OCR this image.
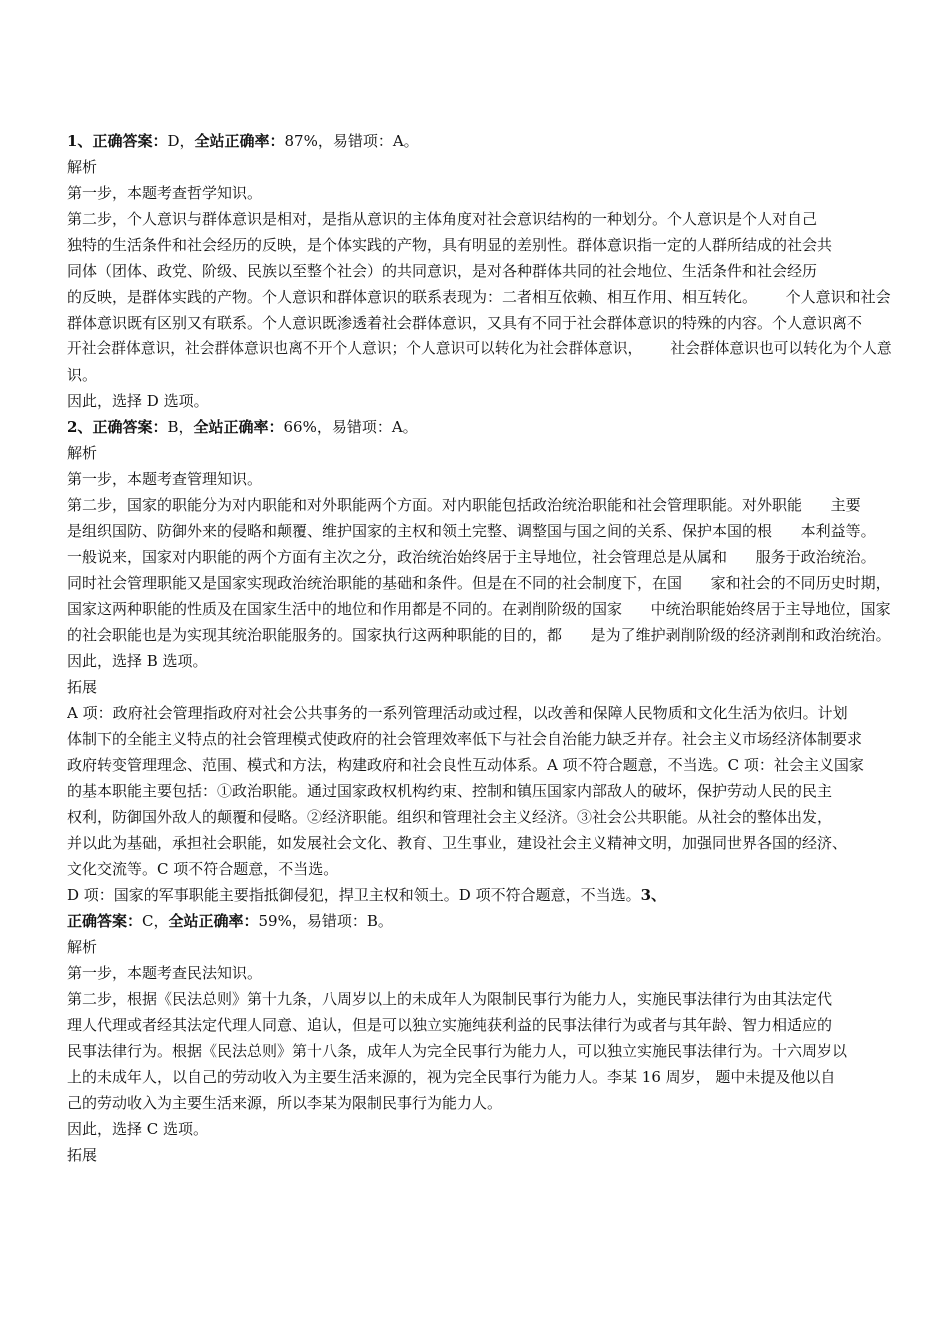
1、正确答案：D，全站正确率：87%，易错项：A。
解析
第一步，本题考查哲学知识。
第二步，个人意识与群体意识是相对，是指从意识的主体角度对社会意识结构的一种划分。个人意识是个人对自己
独特的生活条件和社会经历的反映，是个体实践的产物，具有明显的差别性。群体意识指一定的人群所结成的社会共
同体（团体、政党、阶级、民族以至整个社会）的共同意识，是对各种群体共同的社会地位、生活条件和社会经历
的反映，是群体实践的产物。个人意识和群体意识的联系表现为：二者相互依赖、相互作用、相互转化。      个人意识和社会
群体意识既有区别又有联系。个人意识既渗透着社会群体意识，又具有不同于社会群体意识的特殊的内容。个人意识离不
开社会群体意识，社会群体意识也离不开个人意识；个人意识可以转化为社会群体意识，      社会群体意识也可以转化为个人意
识。
因此，选择 D 选项。
2、正确答案：B，全站正确率：66%，易错项：A。
解析
第一步，本题考查管理知识。
第二步，国家的职能分为对内职能和对外职能两个方面。对内职能包括政治统治职能和社会管理职能。对外职能      主要
是组织国防、防御外来的侵略和颠覆、维护国家的主权和领土完整、调整国与国之间的关系、保护本国的根      本利益等。
一般说来，国家对内职能的两个方面有主次之分，政治统治始终居于主导地位，社会管理总是从属和      服务于政治统治。
同时社会管理职能又是国家实现政治统治职能的基础和条件。但是在不同的社会制度下，在国      家和社会的不同历史时期，
国家这两种职能的性质及在国家生活中的地位和作用都是不同的。在剥削阶级的国家      中统治职能始终居于主导地位，国家
的社会职能也是为实现其统治职能服务的。国家执行这两种职能的目的，都      是为了维护剥削阶级的经济剥削和政治统治。
因此，选择 B 选项。
拓展
A 项：政府社会管理指政府对社会公共事务的一系列管理活动或过程，以改善和保障人民物质和文化生活为依归。计划
体制下的全能主义特点的社会管理模式使政府的社会管理效率低下与社会自治能力缺乏并存。社会主义市场经济体制要求
政府转变管理理念、范围、模式和方法，构建政府和社会良性互动体系。A 项不符合题意，不当选。C 项：社会主义国家
的基本职能主要包括：①政治职能。通过国家政权机构约束、控制和镇压国家内部敌人的破坏，保护劳动人民的民主
权利，防御国外敌人的颠覆和侵略。②经济职能。组织和管理社会主义经济。③社会公共职能。从社会的整体出发，
并以此为基础，承担社会职能，如发展社会文化、教育、卫生事业，建设社会主义精神文明，加强同世界各国的经济、
文化交流等。C 项不符合题意，不当选。
D 项：国家的军事职能主要指抵御侵犯，捍卫主权和领土。D 项不符合题意，不当选。3、
正确答案：C，全站正确率：59%，易错项：B。
解析
第一步，本题考查民法知识。
第二步，根据《民法总则》第十九条，八周岁以上的未成年人为限制民事行为能力人，实施民事法律行为由其法定代
理人代理或者经其法定代理人同意、追认，但是可以独立实施纯获利益的民事法律行为或者与其年龄、智力相适应的
民事法律行为。根据《民法总则》第十八条，成年人为完全民事行为能力人，可以独立实施民事法律行为。十六周岁以
上的未成年人，以自己的劳动收入为主要生活来源的，视为完全民事行为能力人。李某 16 周岁， 题中未提及他以自
己的劳动收入为主要生活来源，所以李某为限制民事行为能力人。
因此，选择 C 选项。
拓展
